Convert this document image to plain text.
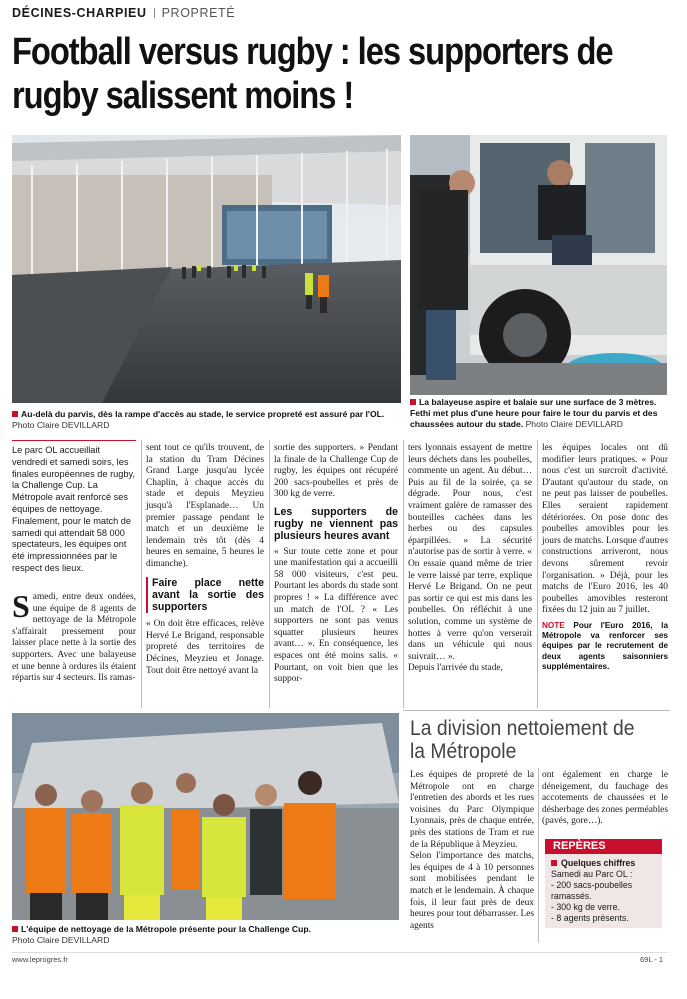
DÉCINES-CHARPIEU PROPRETÉ
Football versus rugby : les supporters de rugby salissent moins !
Au-delà du parvis, dès la rampe d'accès au stade, le service propreté est assuré par l'OL. Photo Claire DEVILLARD
La balayeuse aspire et balaie sur une surface de 3 mètres. Fethi met plus d'une heure pour faire le tour du parvis et des chaussées autour du stade. Photo Claire DEVILLARD
Le parc OL accueillait vendredi et samedi soirs, les finales européennes de rugby, la Challenge Cup. La Métropole avait renforcé ses équipes de nettoyage. Finalement, pour le match de samedi qui attendait 58 000 spectateurs, les équipes ont été impressionnées par le respect des lieux.
Samedi, entre deux ondées, une équipe de 8 agents de nettoyage de la Métropole s'affairait pressement pour laisser place nette à la sortie des supporters. Avec une balayeuse et une benne à ordures ils étaient répartis sur 4 secteurs. Ils ramas-
sent tout ce qu'ils trouvent, de la station du Tram Décines Grand Large jusqu'au lycée Chaplin, à chaque accès du stade et depuis Meyzieu jusqu'à l'Esplanade… Un premier passage pendant le match et un deuxième le lendemain très tôt (dès 4 heures en semaine, 5 heures le dimanche).
Faire place nette avant la sortie des supporters
« On doit être efficaces, relève Hervé Le Brigand, responsable propreté des territoires de Décines, Meyzieu et Jonage. Tout doit être nettoyé avant la
sortie des supporters. » Pendant la finale de la Challenge Cup de rugby, les équipes ont récupéré 200 sacs-poubelles et près de 300 kg de verre.
Les supporters de rugby ne viennent pas plusieurs heures avant
« Sur toute cette zone et pour une manifestation qui a accueilli 58 000 visiteurs, c'est peu. Pourtant les abords du stade sont propres ! » La différence avec un match de l'OL ? « Les supporters ne sont pas venus squatter plusieurs heures avant… ». En conséquence, les espaces ont été moins salis. « Pourtant, on voit bien que les suppor-
ters lyonnais essayent de mettre leurs déchets dans les poubelles, commente un agent. Au début… Puis au fil de la soirée, ça se dégrade. Pour nous, c'est vraiment galère de ramasser des bouteilles cachées dans les herbes ou des capsules éparpillées. » La sécurité n'autorise pas de sortir à verre. « On essaie quand même de trier le verre laissé par terre, explique Hervé Le Brigand. On ne peut pas sortir ce qui est mis dans les poubelles. On réfléchit à une solution, comme un système de hottes à verre qu'on verserait dans un véhicule qui nous suivrait… ».
Depuis l'arrivée du stade,
les équipes locales ont dû modifier leurs pratiques. « Pour nous c'est un surcroît d'activité. D'autant qu'autour du stade, on ne peut pas laisser de poubelles. Elles seraient rapidement détériorées. On pose donc des poubelles amovibles pour les jours de matchs. Lorsque d'autres constructions arriveront, nous devons sûrement revoir l'organisation. » Déjà, pour les matchs de l'Euro 2016, les 40 poubelles amovibles resteront fixées du 12 juin au 7 juillet.
NOTE Pour l'Euro 2016, la Métropole va renforcer ses équipes par le recrutement de deux agents saisonniers supplémentaires.
L'équipe de nettoyage de la Métropole présente pour la Challenge Cup.
Photo Claire DEVILLARD
La division nettoiement de la Métropole
Les équipes de propreté de la Métropole ont en charge l'entretien des abords et les rues voisines du Parc Olympique Lyonnais, près de chaque entrée, près des stations de Tram et rue de la République à Meyzieu.
Selon l'importance des matchs, les équipes de 4 à 10 personnes sont mobilisées pendant le match et le lendemain. À chaque fois, il leur faut près de deux heures pour tout débarrasser. Les agents
ont également en charge le déneigement, du fauchage des accotements de chaussées et le désherbage des zones perméables (pavés, gore…).
REPÈRES
Quelques chiffres
Samedi au Parc OL :
- 200 sacs-poubelles ramassés.
- 300 kg de verre.
- 8 agents présents.
www.leprogres.fr	69L - 1
